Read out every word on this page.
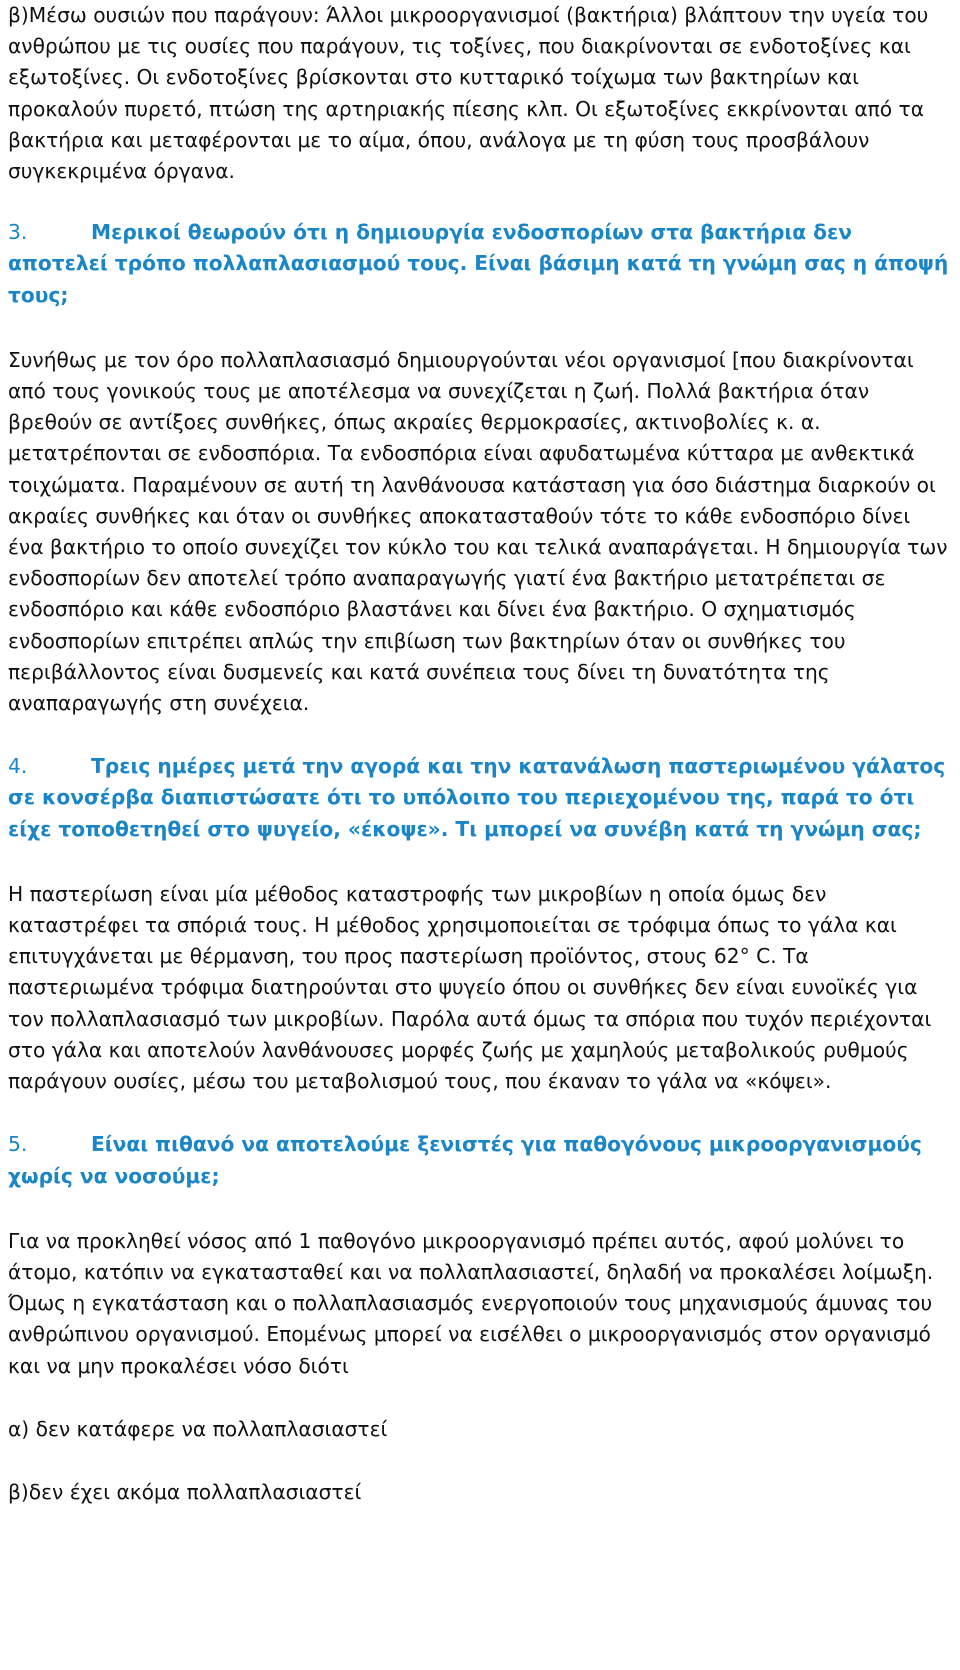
β)Μέσω ουσιών που παράγουν: Άλλοι μικροοργανισμοί (βακτήρια) βλάπτουν την υγεία του ανθρώπου με τις ουσίες που παράγουν, τις τοξίνες, που διακρίνονται σε ενδοτοξίνες και εξωτοξίνες. Οι ενδοτοξίνες βρίσκονται στο κυτταρικό τοίχωμα των βακτηρίων και προκαλούν πυρετό, πτώση της αρτηριακής πίεσης κλπ. Οι εξωτοξίνες εκκρίνονται από τα βακτήρια και μεταφέρονται με το αίμα, όπου, ανάλογα με τη φύση τους προσβάλουν συγκεκριμένα όργανα.

3.	Μερικοί θεωρούν ότι η δημιουργία ενδοσπορίων στα βακτήρια δεν αποτελεί τρόπο πολλαπλασιασμού τους. Είναι βάσιμη κατά τη γνώμη σας η άποψή τους;

Συνήθως με τον όρο πολλαπλασιασμό δημιουργούνται νέοι οργανισμοί [που διακρίνονται από τους γονικούς τους με αποτέλεσμα να συνεχίζεται η ζωή. Πολλά βακτήρια όταν βρεθούν σε αντίξοες συνθήκες, όπως ακραίες θερμοκρασίες, ακτινοβολίες κ. α. μετατρέπονται σε ενδοσπόρια. Τα ενδοσπόρια είναι αφυδατωμένα κύτταρα με ανθεκτικά τοιχώματα. Παραμένουν σε αυτή τη λανθάνουσα κατάσταση για όσο διάστημα διαρκούν οι ακραίες συνθήκες και όταν οι συνθήκες αποκατασταθούν τότε το κάθε ενδοσπόριο δίνει ένα βακτήριο το οποίο συνεχίζει τον κύκλο του και τελικά αναπαράγεται. Η δημιουργία των ενδοσπορίων δεν αποτελεί τρόπο αναπαραγωγής γιατί ένα βακτήριο μετατρέπεται σε ενδοσπόριο και κάθε ενδοσπόριο βλαστάνει και δίνει ένα βακτήριο. Ο σχηματισμός ενδοσπορίων επιτρέπει απλώς την επιβίωση των βακτηρίων όταν οι συνθήκες του περιβάλλοντος είναι δυσμενείς και κατά συνέπεια τους δίνει τη δυνατότητα της αναπαραγωγής στη συνέχεια.

4.	Τρεις ημέρες μετά την αγορά και την κατανάλωση παστεριωμένου γάλατος σε κονσέρβα διαπιστώσατε ότι το υπόλοιπο του περιεχομένου της, παρά το ότι είχε τοποθετηθεί στο ψυγείο, «έκοψε». Τι μπορεί να συνέβη κατά τη γνώμη σας;

Η παστερίωση είναι μία μέθοδος καταστροφής των μικροβίων η οποία όμως δεν καταστρέφει τα σπόριά τους. Η μέθοδος χρησιμοποιείται σε τρόφιμα όπως το γάλα και επιτυγχάνεται με θέρμανση, του προς παστερίωση προϊόντος, στους 62° C. Τα παστεριωμένα τρόφιμα διατηρούνται στο ψυγείο όπου οι συνθήκες δεν είναι ευνοϊκές για τον πολλαπλασιασμό των μικροβίων. Παρόλα αυτά όμως τα σπόρια που τυχόν περιέχονται στο γάλα και αποτελούν λανθάνουσες μορφές ζωής με χαμηλούς μεταβολικούς ρυθμούς παράγουν ουσίες, μέσω του μεταβολισμού τους, που έκαναν το γάλα να «κόψει».

5.	Είναι πιθανό να αποτελούμε ξενιστές για παθογόνους μικροοργανισμούς χωρίς να νοσούμε;

Για να προκληθεί νόσος από 1 παθογόνο μικροοργανισμό πρέπει αυτός, αφού μολύνει το άτομο, κατόπιν να εγκατασταθεί και να πολλαπλασιαστεί, δηλαδή να προκαλέσει λοίμωξη. Όμως η εγκατάσταση και ο πολλαπλασιασμός ενεργοποιούν τους μηχανισμούς άμυνας του ανθρώπινου οργανισμού. Επομένως μπορεί να εισέλθει ο μικροοργανισμός στον οργανισμό και να μην προκαλέσει νόσο διότι

α) δεν κατάφερε να πολλαπλασιαστεί

β)δεν έχει ακόμα πολλαπλασιαστεί
